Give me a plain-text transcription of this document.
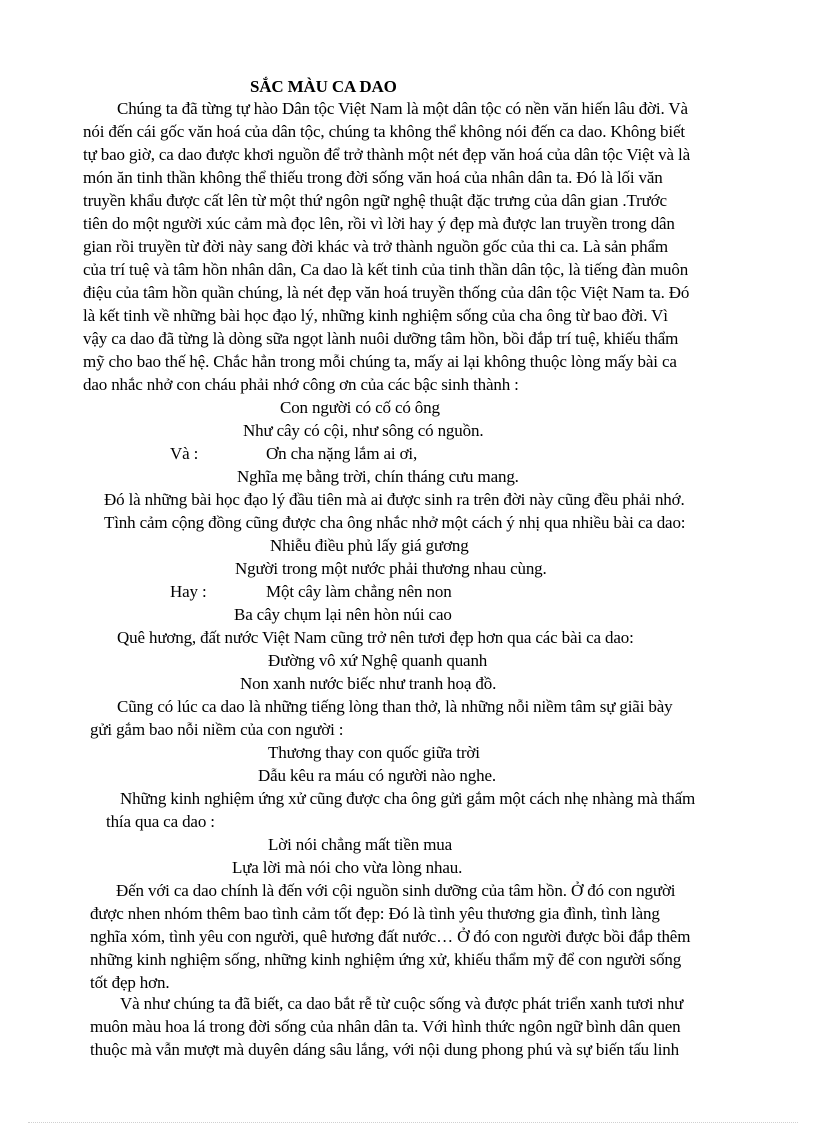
SẮC MÀU CA DAO
Chúng ta đã từng tự hào Dân tộc Việt Nam là một dân tộc có nền văn hiến lâu đời. Và
nói đến cái gốc văn hoá của dân tộc, chúng ta không thể không nói đến ca dao. Không biết
tự bao giờ, ca dao được khơi nguồn để trở thành một nét đẹp văn hoá của dân tộc Việt và là
món ăn tinh thần không thể thiếu trong đời sống văn hoá của nhân dân ta. Đó là lối văn
truyền khẩu được cất lên từ một thứ ngôn ngữ nghệ thuật đặc trưng của dân gian .Trước
tiên do một người xúc cảm mà đọc lên, rồi vì lời hay ý đẹp mà được lan truyền trong dân
gian rồi truyền từ đời này sang đời khác và trở thành nguồn gốc của thi ca. Là sản phẩm
của trí tuệ và tâm hồn nhân dân, Ca dao là kết tinh của tinh thần dân tộc, là tiếng đàn muôn
điệu của tâm hồn quần chúng, là nét đẹp văn hoá truyền thống của dân tộc Việt Nam ta. Đó
là kết tinh về những bài học đạo lý, những kinh nghiệm sống của cha ông từ bao đời. Vì
vậy ca dao đã từng là dòng sữa ngọt lành nuôi dưỡng tâm hồn, bồi đắp trí tuệ, khiếu thẩm
mỹ cho bao thế hệ. Chắc hẳn trong mỗi chúng ta, mấy ai lại không thuộc lòng mấy bài ca
dao nhắc nhở con cháu phải nhớ công ơn của các bậc sinh thành :
Con người có cố có ông
Như cây có cội, như sông có nguồn.
Và :	Ơn cha nặng lắm ai ơi,
Nghĩa mẹ bằng trời, chín tháng cưu mang.
Đó là những bài học đạo lý đầu tiên mà ai được sinh ra trên đời này cũng đều phải nhớ.
Tình cảm cộng đồng cũng được cha ông nhắc nhở một cách ý nhị qua nhiều bài ca dao:
Nhiễu điều phủ lấy giá gương
Người trong một nước phải thương nhau cùng.
Hay :	Một cây làm chẳng nên non
Ba cây chụm lại nên hòn núi cao
Quê hương, đất nước Việt Nam cũng trở nên tươi đẹp hơn qua các bài ca dao:
Đường vô xứ Nghệ quanh quanh
Non xanh nước biếc như tranh hoạ đồ.
Cũng có lúc ca dao là những tiếng lòng than thở, là những nỗi niềm tâm sự giãi bày
gửi gắm bao nỗi niềm của con người :
Thương thay con quốc giữa trời
Dẫu kêu ra máu có người nào nghe.
Những kinh nghiệm ứng xử cũng được cha ông gửi gắm một cách nhẹ nhàng mà thấm
thía qua ca dao :
Lời nói chẳng mất tiền mua
Lựa lời mà nói cho vừa lòng nhau.
Đến với ca dao chính là đến với cội nguồn sinh dưỡng của tâm hồn. Ở đó con người
được nhen nhóm thêm bao tình cảm tốt đẹp: Đó là tình yêu thương gia đình, tình làng
nghĩa xóm, tình yêu con người, quê hương đất nước… Ở đó con người được bồi đắp thêm
những kinh nghiệm sống, những kinh nghiệm ứng xử, khiếu thẩm mỹ để con người sống
tốt đẹp hơn.
Và như chúng ta đã biết, ca dao bắt rễ từ cuộc sống và được phát triển xanh tươi như
muôn màu hoa lá trong đời sống của nhân dân ta. Với hình thức ngôn ngữ bình dân quen
thuộc mà vẫn mượt mà duyên dáng sâu lắng, với nội dung phong phú và sự biến tấu linh
